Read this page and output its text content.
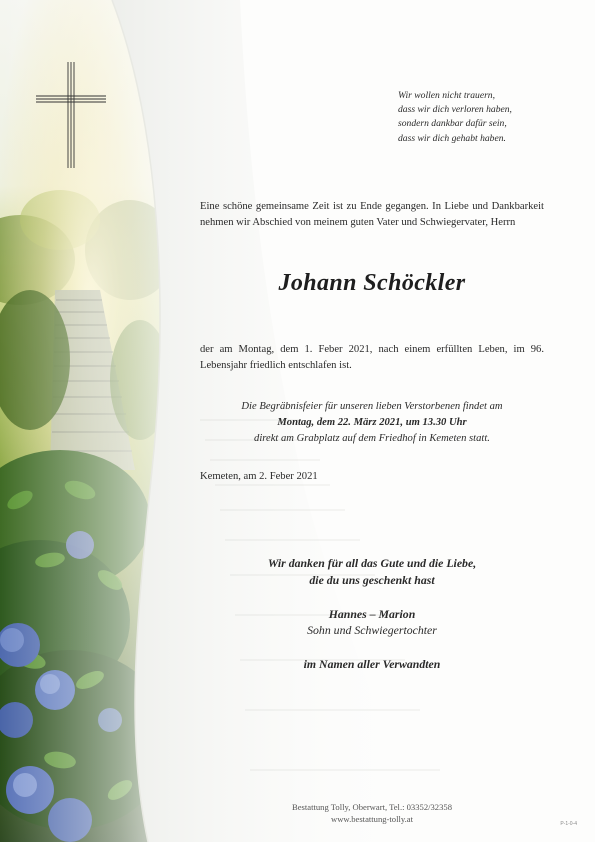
Wir wollen nicht trauern,
dass wir dich verloren haben,
sondern dankbar dafür sein,
dass wir dich gehabt haben.
Eine schöne gemeinsame Zeit ist zu Ende gegangen. In Liebe und Dankbarkeit nehmen wir Abschied von meinem guten Vater und Schwiegervater, Herrn
Johann Schöckler
der am Montag, dem 1. Feber 2021, nach einem erfüllten Leben, im 96. Lebensjahr friedlich entschlafen ist.
Die Begräbnisfeier für unseren lieben Verstorbenen findet am
Montag, dem 22. März 2021, um 13.30 Uhr
direkt am Grabplatz auf dem Friedhof in Kemeten statt.
Kemeten, am 2. Feber 2021
Wir danken für all das Gute und die Liebe,
die du uns geschenkt hast
Hannes – Marion
Sohn und Schwiegertochter
im Namen aller Verwandten
Bestattung Tolly, Oberwart, Tel.: 03352/32358
www.bestattung-tolly.at	P-1-0-4
